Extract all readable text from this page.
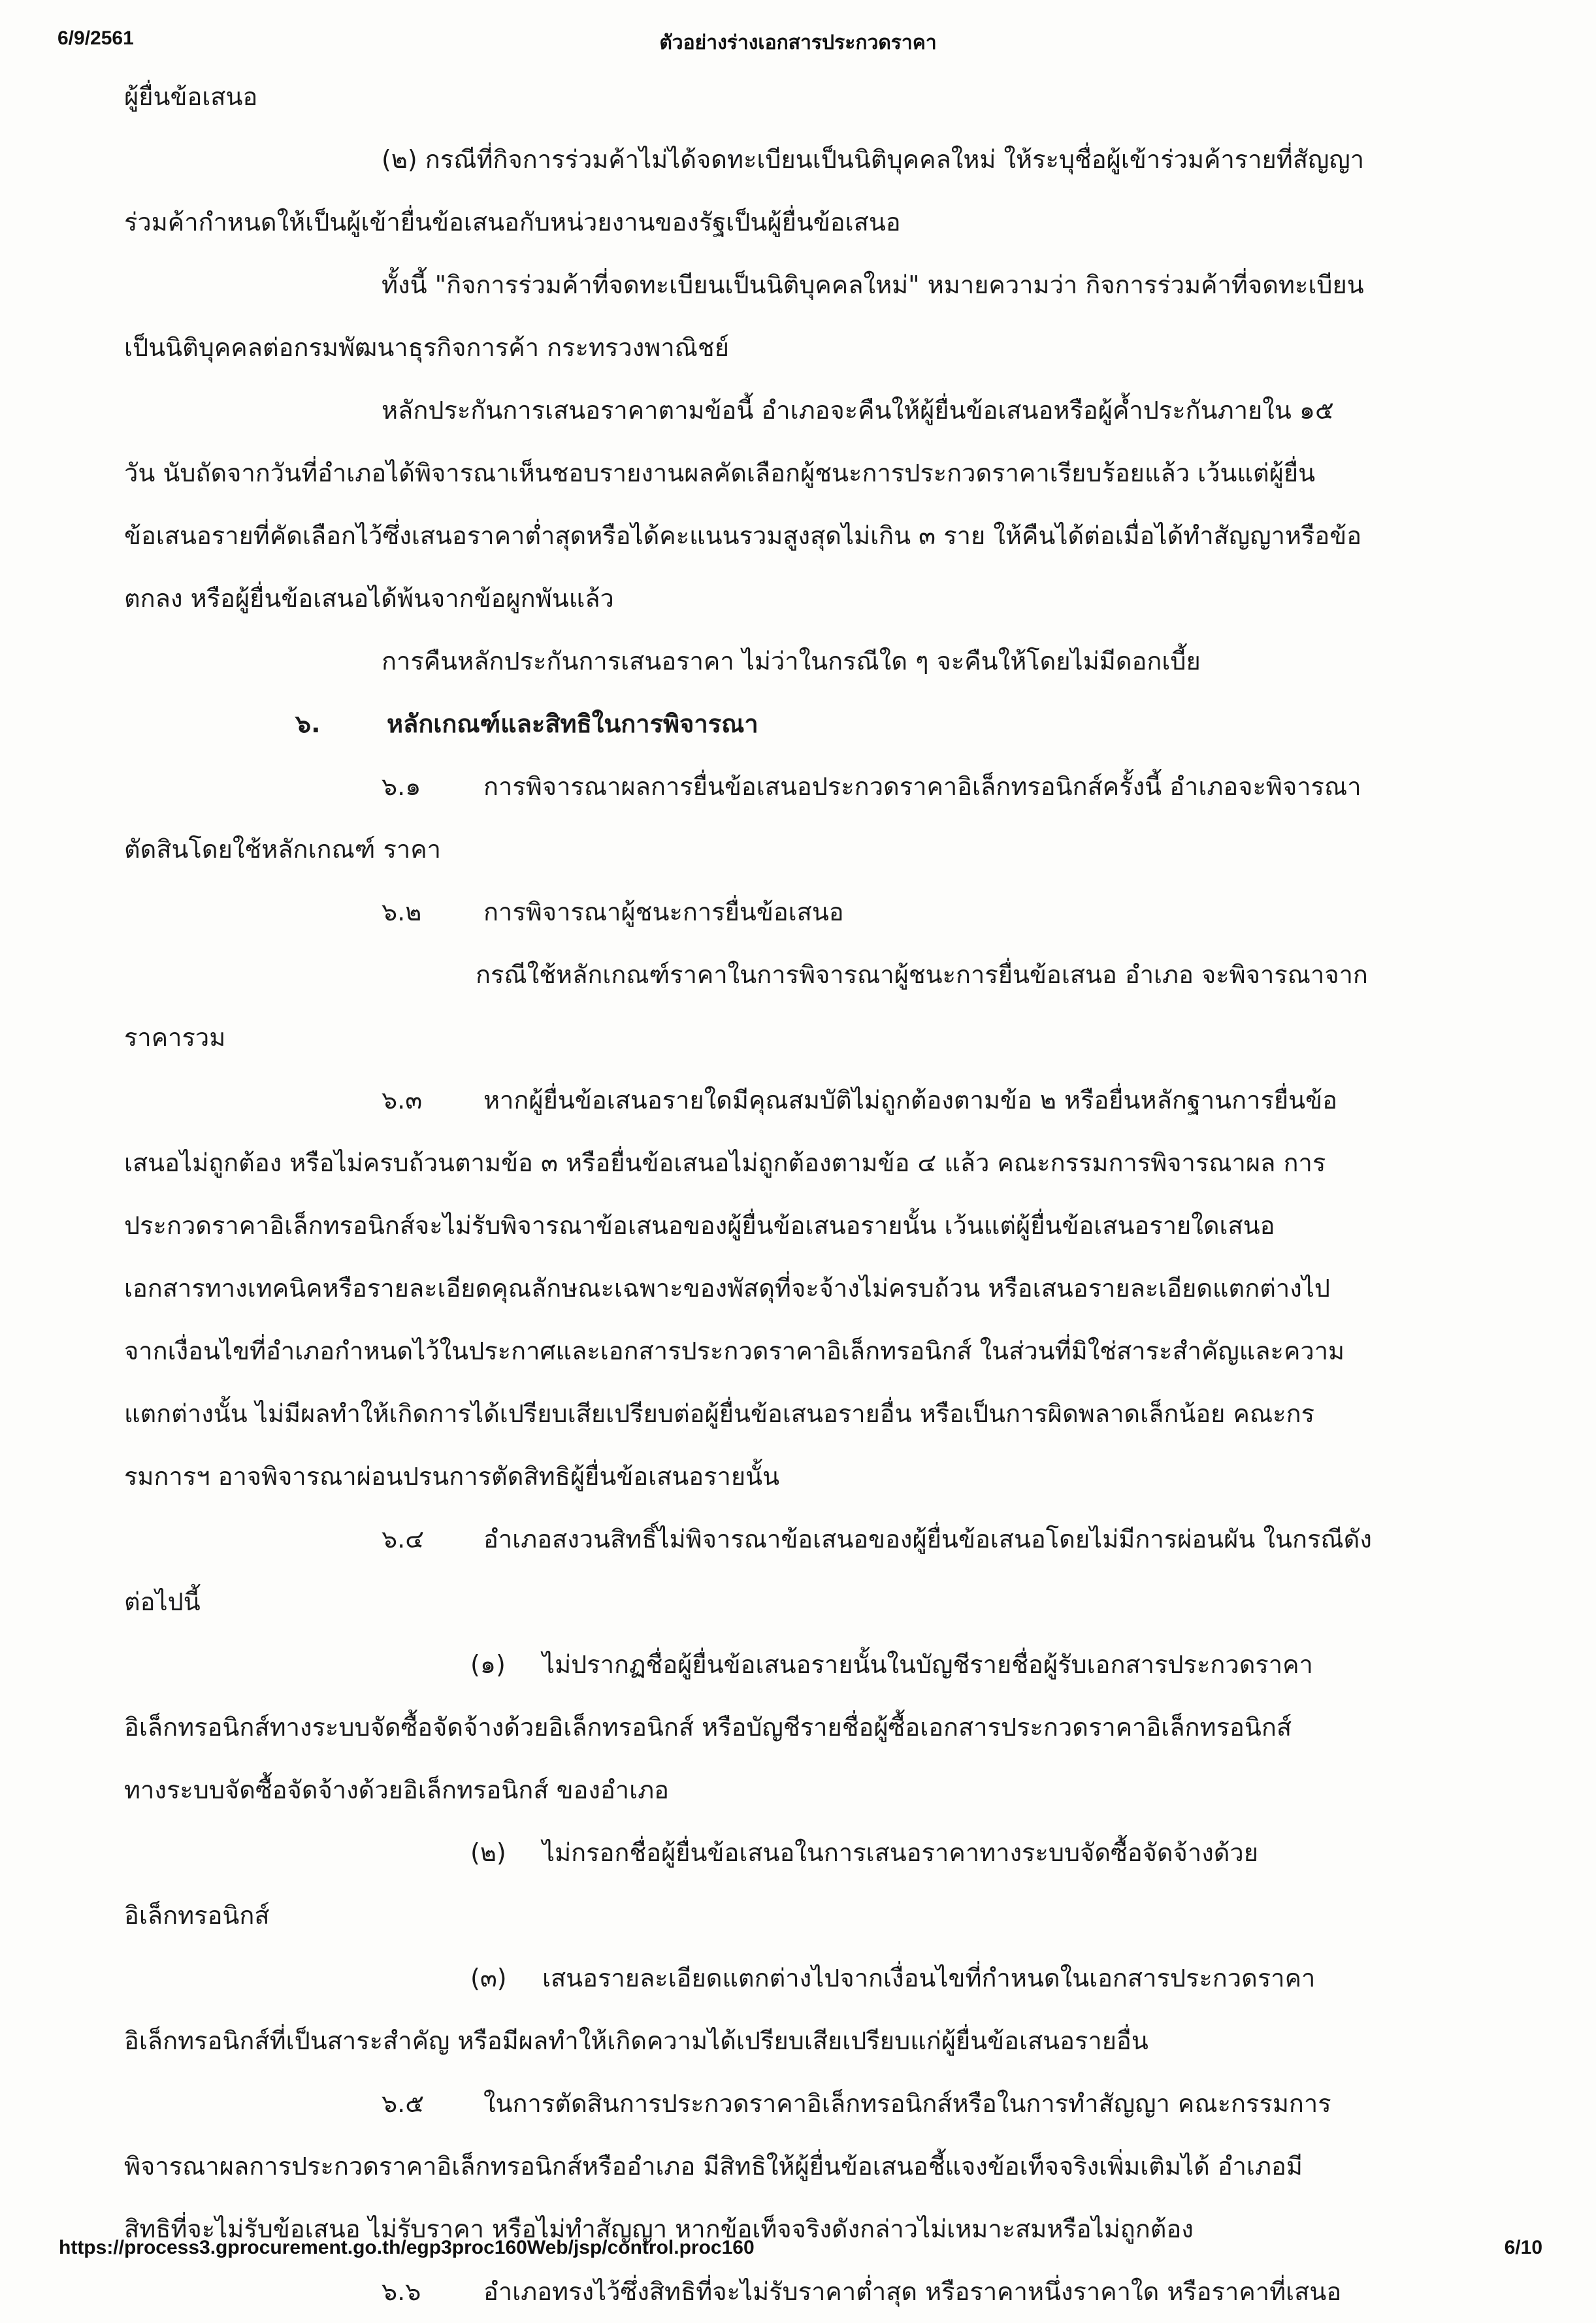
6/9/2561	ตัวอย่างร่างเอกสารประกวดราคา
ผู้ยื่นข้อเสนอ
(๒) กรณีที่กิจการร่วมค้าไม่ได้จดทะเบียนเป็นนิติบุคคลใหม่ ให้ระบุชื่อผู้เข้าร่วมค้ารายที่สัญญา
ร่วมค้ากำหนดให้เป็นผู้เข้ายื่นข้อเสนอกับหน่วยงานของรัฐเป็นผู้ยื่นข้อเสนอ
ทั้งนี้ "กิจการร่วมค้าที่จดทะเบียนเป็นนิติบุคคลใหม่" หมายความว่า กิจการร่วมค้าที่จดทะเบียน
เป็นนิติบุคคลต่อกรมพัฒนาธุรกิจการค้า กระทรวงพาณิชย์
หลักประกันการเสนอราคาตามข้อนี้ อำเภอจะคืนให้ผู้ยื่นข้อเสนอหรือผู้ค้ำประกันภายใน ๑๕
วัน นับถัดจากวันที่อำเภอได้พิจารณาเห็นชอบรายงานผลคัดเลือกผู้ชนะการประกวดราคาเรียบร้อยแล้ว เว้นแต่ผู้ยื่น
ข้อเสนอรายที่คัดเลือกไว้ซึ่งเสนอราคาต่ำสุดหรือได้คะแนนรวมสูงสุดไม่เกิน ๓ ราย ให้คืนได้ต่อเมื่อได้ทำสัญญาหรือข้อ
ตกลง หรือผู้ยื่นข้อเสนอได้พ้นจากข้อผูกพันแล้ว
การคืนหลักประกันการเสนอราคา ไม่ว่าในกรณีใด ๆ จะคืนให้โดยไม่มีดอกเบี้ย
๖.	หลักเกณฑ์และสิทธิในการพิจารณา
๖.๑	การพิจารณาผลการยื่นข้อเสนอประกวดราคาอิเล็กทรอนิกส์ครั้งนี้ อำเภอจะพิจารณา
ตัดสินโดยใช้หลักเกณฑ์ ราคา
๖.๒ การพิจารณาผู้ชนะการยื่นข้อเสนอ
กรณีใช้หลักเกณฑ์ราคาในการพิจารณาผู้ชนะการยื่นข้อเสนอ อำเภอ จะพิจารณาจาก
ราคารวม
๖.๓ หากผู้ยื่นข้อเสนอรายใดมีคุณสมบัติไม่ถูกต้องตามข้อ ๒ หรือยื่นหลักฐานการยื่นข้อ
เสนอไม่ถูกต้อง หรือไม่ครบถ้วนตามข้อ ๓ หรือยื่นข้อเสนอไม่ถูกต้องตามข้อ ๔ แล้ว คณะกรรมการพิจารณาผล การ
ประกวดราคาอิเล็กทรอนิกส์จะไม่รับพิจารณาข้อเสนอของผู้ยื่นข้อเสนอรายนั้น เว้นแต่ผู้ยื่นข้อเสนอรายใดเสนอ
เอกสารทางเทคนิคหรือรายละเอียดคุณลักษณะเฉพาะของพัสดุที่จะจ้างไม่ครบถ้วน หรือเสนอรายละเอียดแตกต่างไป
จากเงื่อนไขที่อำเภอกำหนดไว้ในประกาศและเอกสารประกวดราคาอิเล็กทรอนิกส์ ในส่วนที่มิใช่สาระสำคัญและความ
แตกต่างนั้น ไม่มีผลทำให้เกิดการได้เปรียบเสียเปรียบต่อผู้ยื่นข้อเสนอรายอื่น หรือเป็นการผิดพลาดเล็กน้อย คณะกร
รมการฯ อาจพิจารณาผ่อนปรนการตัดสิทธิผู้ยื่นข้อเสนอรายนั้น
๖.๔ อำเภอสงวนสิทธิ์ไม่พิจารณาข้อเสนอของผู้ยื่นข้อเสนอโดยไม่มีการผ่อนผัน ในกรณีดัง
ต่อไปนี้
(๑) ไม่ปรากฏชื่อผู้ยื่นข้อเสนอรายนั้นในบัญชีรายชื่อผู้รับเอกสารประกวดราคา
อิเล็กทรอนิกส์ทางระบบจัดซื้อจัดจ้างด้วยอิเล็กทรอนิกส์ หรือบัญชีรายชื่อผู้ซื้อเอกสารประกวดราคาอิเล็กทรอนิกส์
ทางระบบจัดซื้อจัดจ้างด้วยอิเล็กทรอนิกส์ ของอำเภอ
(๒) ไม่กรอกชื่อผู้ยื่นข้อเสนอในการเสนอราคาทางระบบจัดซื้อจัดจ้างด้วย
อิเล็กทรอนิกส์
(๓) เสนอรายละเอียดแตกต่างไปจากเงื่อนไขที่กำหนดในเอกสารประกวดราคา
อิเล็กทรอนิกส์ที่เป็นสาระสำคัญ หรือมีผลทำให้เกิดความได้เปรียบเสียเปรียบแก่ผู้ยื่นข้อเสนอรายอื่น
๖.๕ ในการตัดสินการประกวดราคาอิเล็กทรอนิกส์หรือในการทำสัญญา คณะกรรมการ
พิจารณาผลการประกวดราคาอิเล็กทรอนิกส์หรืออำเภอ มีสิทธิให้ผู้ยื่นข้อเสนอชี้แจงข้อเท็จจริงเพิ่มเติมได้ อำเภอมี
สิทธิที่จะไม่รับข้อเสนอ ไม่รับราคา หรือไม่ทำสัญญา หากข้อเท็จจริงดังกล่าวไม่เหมาะสมหรือไม่ถูกต้อง
๖.๖	อำเภอทรงไว้ซึ่งสิทธิที่จะไม่รับราคาต่ำสุด หรือราคาหนึ่งราคาใด หรือราคาที่เสนอ
https://process3.gprocurement.go.th/egp3proc160Web/jsp/control.proc160	6/10
